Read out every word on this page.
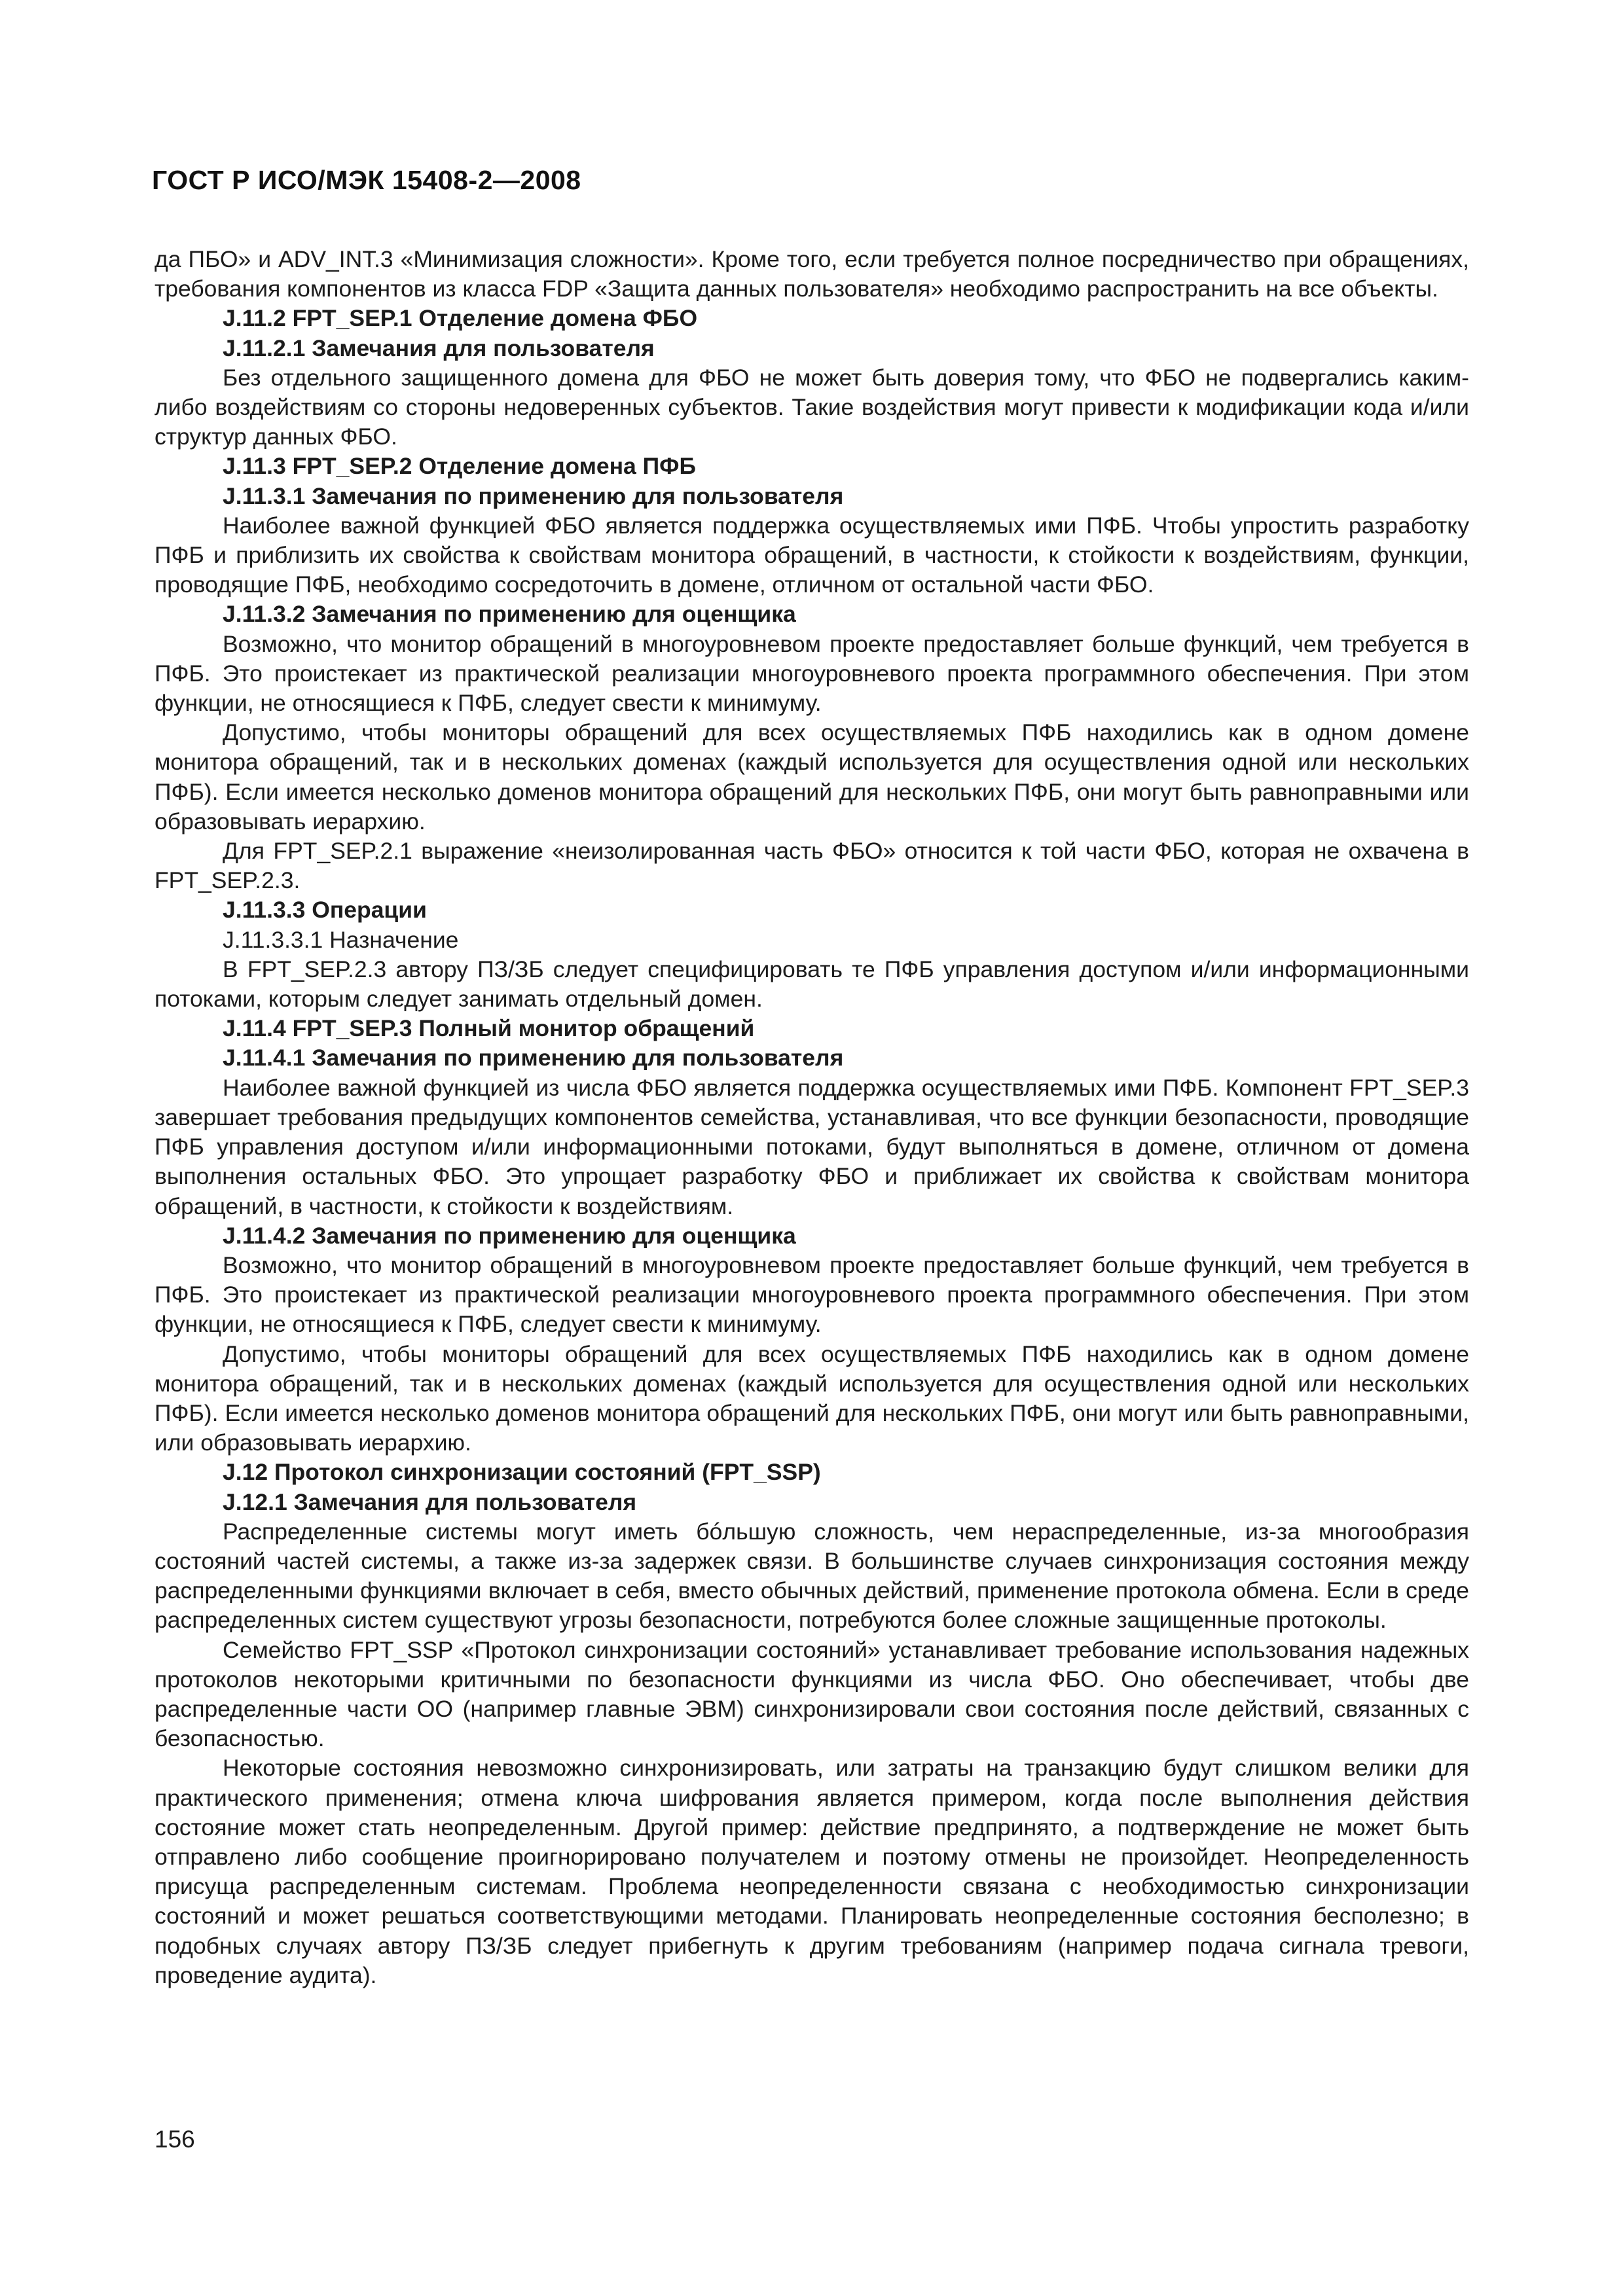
ГОСТ Р ИСО/МЭК 15408-2—2008

да ПБО» и ADV_INT.3 «Минимизация сложности». Кроме того, если требуется полное посредничество при обращениях, требования компонентов из класса FDP «Защита данных пользователя» необходимо распространить на все объекты.

J.11.2 FPT_SEP.1 Отделение домена ФБО

J.11.2.1 Замечания для пользователя

Без отдельного защищенного домена для ФБО не может быть доверия тому, что ФБО не подвергались каким-либо воздействиям со стороны недоверенных субъектов. Такие воздействия могут привести к модификации кода и/или структур данных ФБО.

J.11.3 FPT_SEP.2 Отделение домена ПФБ

J.11.3.1 Замечания по применению для пользователя

Наиболее важной функцией ФБО является поддержка осуществляемых ими ПФБ. Чтобы упростить разработку ПФБ и приблизить их свойства к свойствам монитора обращений, в частности, к стойкости к воздействиям, функции, проводящие ПФБ, необходимо сосредоточить в домене, отличном от остальной части ФБО.

J.11.3.2 Замечания по применению для оценщика

Возможно, что монитор обращений в многоуровневом проекте предоставляет больше функций, чем требуется в ПФБ. Это проистекает из практической реализации многоуровневого проекта программного обеспечения. При этом функции, не относящиеся к ПФБ, следует свести к минимуму.

Допустимо, чтобы мониторы обращений для всех осуществляемых ПФБ находились как в одном домене монитора обращений, так и в нескольких доменах (каждый используется для осуществления одной или нескольких ПФБ). Если имеется несколько доменов монитора обращений для нескольких ПФБ, они могут быть равноправными или образовывать иерархию.

Для FPT_SEP.2.1 выражение «неизолированная часть ФБО» относится к той части ФБО, которая не охвачена в FPT_SEP.2.3.

J.11.3.3 Операции

J.11.3.3.1 Назначение

В FPT_SEP.2.3 автору ПЗ/ЗБ следует специфицировать те ПФБ управления доступом и/или информационными потоками, которым следует занимать отдельный домен.

J.11.4 FPT_SEP.3 Полный монитор обращений

J.11.4.1 Замечания по применению для пользователя

Наиболее важной функцией из числа ФБО является поддержка осуществляемых ими ПФБ. Компонент FPT_SEP.3 завершает требования предыдущих компонентов семейства, устанавливая, что все функции безопасности, проводящие ПФБ управления доступом и/или информационными потоками, будут выполняться в домене, отличном от домена выполнения остальных ФБО. Это упрощает разработку ФБО и приближает их свойства к свойствам монитора обращений, в частности, к стойкости к воздействиям.

J.11.4.2 Замечания по применению для оценщика

Возможно, что монитор обращений в многоуровневом проекте предоставляет больше функций, чем требуется в ПФБ. Это проистекает из практической реализации многоуровневого проекта программного обеспечения. При этом функции, не относящиеся к ПФБ, следует свести к минимуму.

Допустимо, чтобы мониторы обращений для всех осуществляемых ПФБ находились как в одном домене монитора обращений, так и в нескольких доменах (каждый используется для осуществления одной или нескольких ПФБ). Если имеется несколько доменов монитора обращений для нескольких ПФБ, они могут или быть равноправными, или образовывать иерархию.

J.12 Протокол синхронизации состояний (FPT_SSP)

J.12.1 Замечания для пользователя

Распределенные системы могут иметь бóльшую сложность, чем нераспределенные, из-за многообразия состояний частей системы, а также из-за задержек связи. В большинстве случаев синхронизация состояния между распределенными функциями включает в себя, вместо обычных действий, применение протокола обмена. Если в среде распределенных систем существуют угрозы безопасности, потребуются более сложные защищенные протоколы.

Семейство FPT_SSP «Протокол синхронизации состояний» устанавливает требование использования надежных протоколов некоторыми критичными по безопасности функциями из числа ФБО. Оно обеспечивает, чтобы две распределенные части ОО (например главные ЭВМ) синхронизировали свои состояния после действий, связанных с безопасностью.

Некоторые состояния невозможно синхронизировать, или затраты на транзакцию будут слишком велики для практического применения; отмена ключа шифрования является примером, когда после выполнения действия состояние может стать неопределенным. Другой пример: действие предпринято, а подтверждение не может быть отправлено либо сообщение проигнорировано получателем и поэтому отмены не произойдет. Неопределенность присуща распределенным системам. Проблема неопределенности связана с необходимостью синхронизации состояний и может решаться соответствующими методами. Планировать неопределенные состояния бесполезно; в подобных случаях автору ПЗ/ЗБ следует прибегнуть к другим требованиям (например подача сигнала тревоги, проведение аудита).

156
